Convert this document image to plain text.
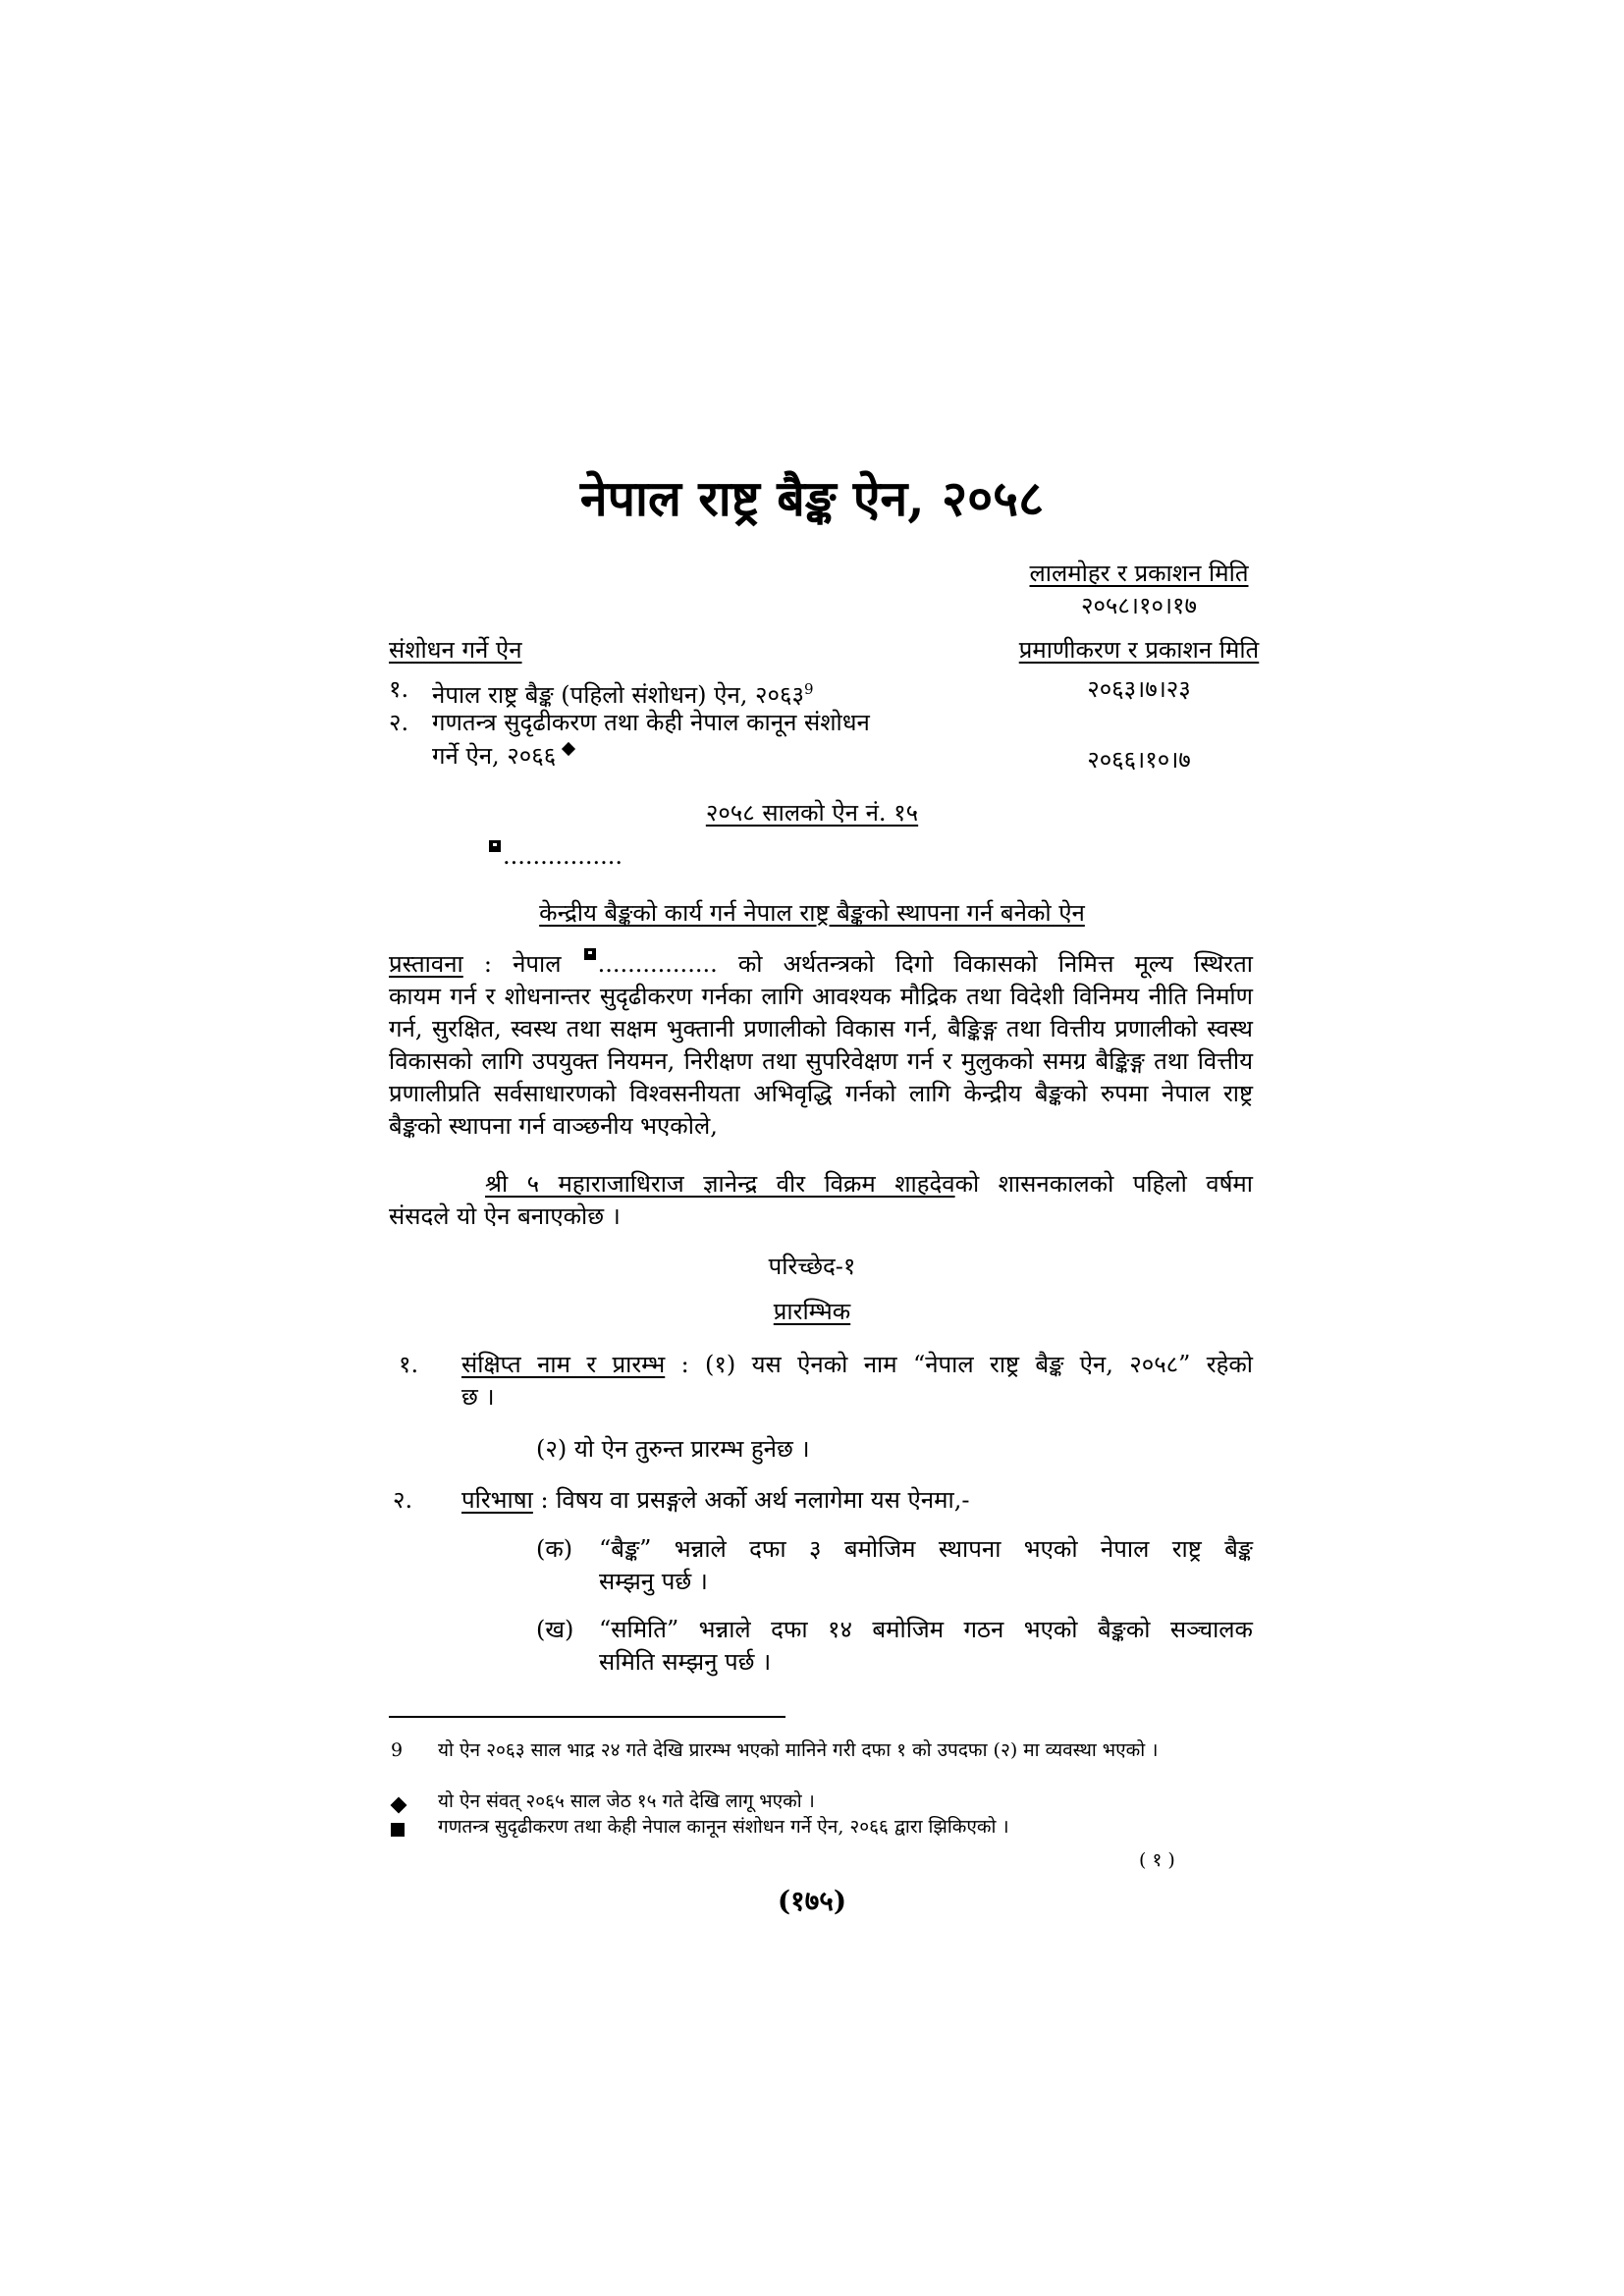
नेपाल राष्ट्र बैङ्क ऐन, २०५८
लालमोहर र प्रकाशन मिति
२०५८।१०।१७
संशोधन गर्ने ऐन	प्रमाणीकरण र प्रकाशन मिति
१. नेपाल राष्ट्र बैङ्क (पहिलो संशोधन) ऐन, २०६३$^9$	२०६३।७।२३
२. गणतन्त्र सुदृढीकरण तथा केही नेपाल कानून संशोधन
गर्ने ऐन, २०६६	२०६६।१०।७
२०५८ सालको ऐन नं. १५
................
केन्द्रीय बैङ्कको कार्य गर्न नेपाल राष्ट्र बैङ्कको स्थापना गर्न बनेको ऐन
प्रस्तावना : नेपाल ................ को अर्थतन्त्रको दिगो विकासको निमित्त मूल्य स्थिरता
कायम गर्न र शोधनान्तर सुदृढीकरण गर्नका लागि आवश्यक मौद्रिक तथा विदेशी विनिमय नीति निर्माण गर्न, सुरक्षित, स्वस्थ तथा सक्षम भुक्तानी प्रणालीको विकास गर्न, बैङ्किङ्ग तथा वित्तीय प्रणालीको स्वस्थ विकासको लागि उपयुक्त नियमन, निरीक्षण तथा सुपरिवेक्षण गर्न र मुलुकको समग्र बैङ्किङ्ग तथा वित्तीय प्रणालीप्रति सर्वसाधारणको विश्वसनीयता अभिवृद्धि गर्नको लागि केन्द्रीय बैङ्कको रुपमा नेपाल राष्ट्र बैङ्कको स्थापना गर्न वाञ्छनीय भएकोले,
श्री ५ महाराजाधिराज ज्ञानेन्द्र वीर विक्रम शाहदेवको शासनकालको पहिलो वर्षमा
संसदले यो ऐन बनाएकोछ ।
परिच्छेद-१
प्रारम्भिक
१. संक्षिप्त नाम र प्रारम्भ : (१) यस ऐनको नाम “नेपाल राष्ट्र बैङ्क ऐन, २०५८” रहेको
छ ।
(२) यो ऐन तुरुन्त प्रारम्भ हुनेछ ।
२. परिभाषा : विषय वा प्रसङ्गले अर्को अर्थ नलागेमा यस ऐनमा,-
(क) “बैङ्क” भन्नाले दफा ३ बमोजिम स्थापना भएको नेपाल राष्ट्र बैङ्क
सम्झनु पर्छ ।
(ख) “समिति” भन्नाले दफा १४ बमोजिम गठन भएको बैङ्कको सञ्चालक
समिति सम्झनु पर्छ ।
9 यो ऐन २०६३ साल भाद्र २४ गते देखि प्रारम्भ भएको मानिने गरी दफा १ को उपदफा (२) मा व्यवस्था भएको ।
यो ऐन संवत् २०६५ साल जेठ १५ गते देखि लागू भएको ।
गणतन्त्र सुदृढीकरण तथा केही नेपाल कानून संशोधन गर्ने ऐन, २०६६ द्वारा झिकिएको ।
( १ )
(१७५)
